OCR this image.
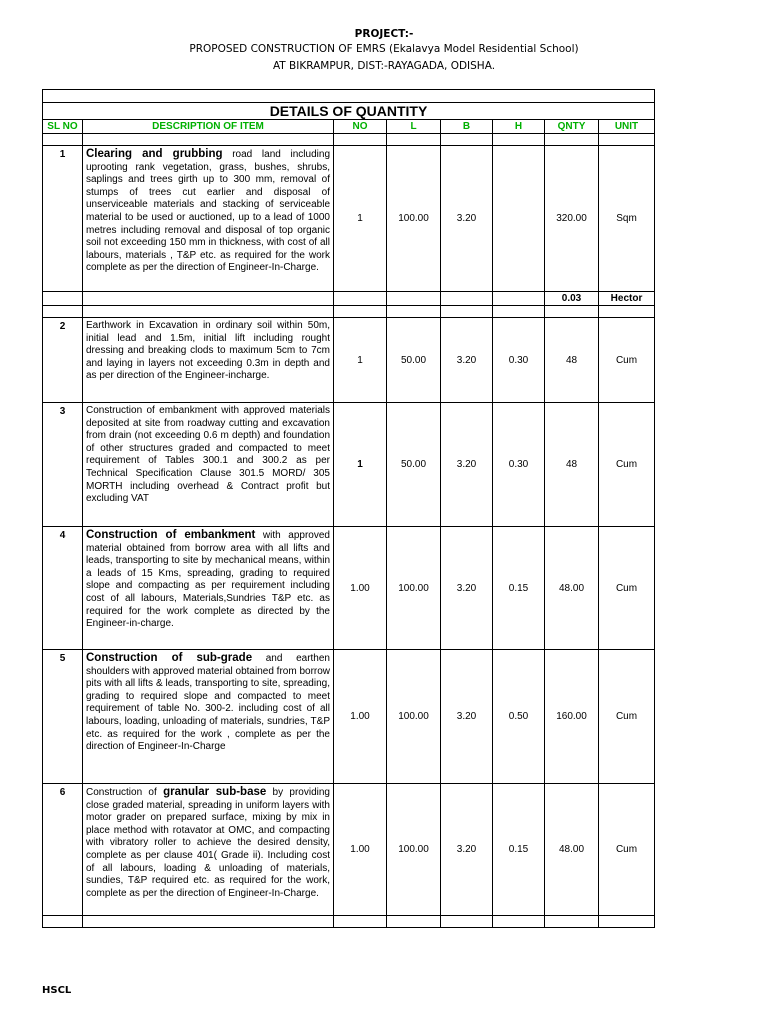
PROJECT:-
PROPOSED CONSTRUCTION OF EMRS (Ekalavya Model Residential School)
AT BIKRAMPUR, DIST:-RAYAGADA, ODISHA.

DETAILS OF QUANTITY							
SL NO	DESCRIPTION OF ITEM	NO	L	B	H	QNTY	UNIT

1	Clearing and grubbing road land including uprooting rank vegetation, grass, bushes, shrubs, saplings and trees girth up to 300 mm, removal of stumps of trees cut earlier and disposal of unserviceable materials and stacking of serviceable material to be used or auctioned, up to a lead of 1000 metres including removal and disposal of top organic soil not exceeding 150 mm in thickness, with cost of all labours, materials , T&P etc. as required for the work complete as per the direction of Engineer-In-Charge.	1	100.00	3.20		320.00	Sqm
						0.03	Hector

2	Earthwork in Excavation in ordinary soil within 50m, initial lead and 1.5m, initial lift including rought dressing and breaking clods to maximum 5cm to 7cm and laying in layers not exceeding 0.3m in depth and as per direction of the Engineer-incharge.	1	50.00	3.20	0.30	48	Cum
3	Construction of embankment with approved materials deposited at site from roadway cutting and excavation from drain (not exceeding 0.6 m depth) and foundation of other structures graded and compacted to meet requirement of Tables 300.1 and 300.2 as per Technical Specification Clause 301.5 MORD/ 305 MORTH including overhead & Contract profit but excluding VAT	1	50.00	3.20	0.30	48	Cum
4	Construction of embankment with approved material obtained from borrow area with all lifts and leads, transporting to site by mechanical means, within a leads of 15 Kms, spreading, grading to required slope and compacting as per requirement including cost of all labours, Materials,Sundries T&P etc. as required for the work complete as directed by the Engineer-in-charge.	1.00	100.00	3.20	0.15	48.00	Cum
5	Construction of sub-grade and earthen shoulders with approved material obtained from borrow pits with all lifts & leads, transporting to site, spreading, grading to required slope and compacted to meet requirement of table No. 300-2. including cost of all labours, loading, unloading of materials, sundries, T&P etc. as required for the work , complete as per the direction of Engineer-In-Charge	1.00	100.00	3.20	0.50	160.00	Cum
6	Construction of granular sub-base by providing close graded material, spreading in uniform layers with motor grader on prepared surface, mixing by mix in place method with rotavator at OMC, and compacting with vibratory roller to achieve the desired density, complete as per clause 401( Grade ii). Including cost of all labours, loading & unloading of materials, sundies, T&P required etc. as required for the work, complete as per the direction of Engineer-In-Charge.	1.00	100.00	3.20	0.15	48.00	Cum

HSCL
